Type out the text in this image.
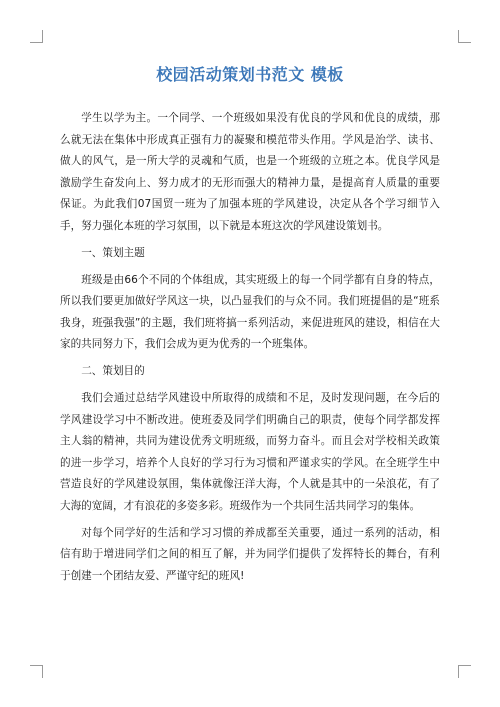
校园活动策划书范文 模板

学生以学为主。一个同学、一个班级如果没有优良的学风和优良的成绩，那么就无法在集体中形成真正强有力的凝聚和模范带头作用。学风是治学、读书、做人的风气，是一所大学的灵魂和气质，也是一个班级的立班之本。优良学风是激励学生奋发向上、努力成才的无形而强大的精神力量，是提高育人质量的重要保证。为此我们07国贸一班为了加强本班的学风建设，决定从各个学习细节入手，努力强化本班的学习氛围，以下就是本班这次的学风建设策划书。

一、策划主题

班级是由66个不同的个体组成，其实班级上的每一个同学都有自身的特点，所以我们要更加做好学风这一块，以凸显我们的与众不同。我们班提倡的是“班系我身，班强我强”的主题，我们班将搞一系列活动，来促进班风的建设，相信在大家的共同努力下，我们会成为更为优秀的一个班集体。

二、策划目的

我们会通过总结学风建设中所取得的成绩和不足，及时发现问题，在今后的学风建设学习中不断改进。使班委及同学们明确自己的职责，使每个同学都发挥主人翁的精神，共同为建设优秀文明班级，而努力奋斗。而且会对学校相关政策的进一步学习，培养个人良好的学习行为习惯和严谨求实的学风。在全班学生中营造良好的学风建设氛围，集体就像汪洋大海，个人就是其中的一朵浪花，有了大海的宽阔，才有浪花的多姿多彩。班级作为一个共同生活共同学习的集体。

对每个同学好的生活和学习习惯的养成都至关重要，通过一系列的活动，相信有助于增进同学们之间的相互了解，并为同学们提供了发挥特长的舞台，有利于创建一个团结友爱、严谨守纪的班风!
